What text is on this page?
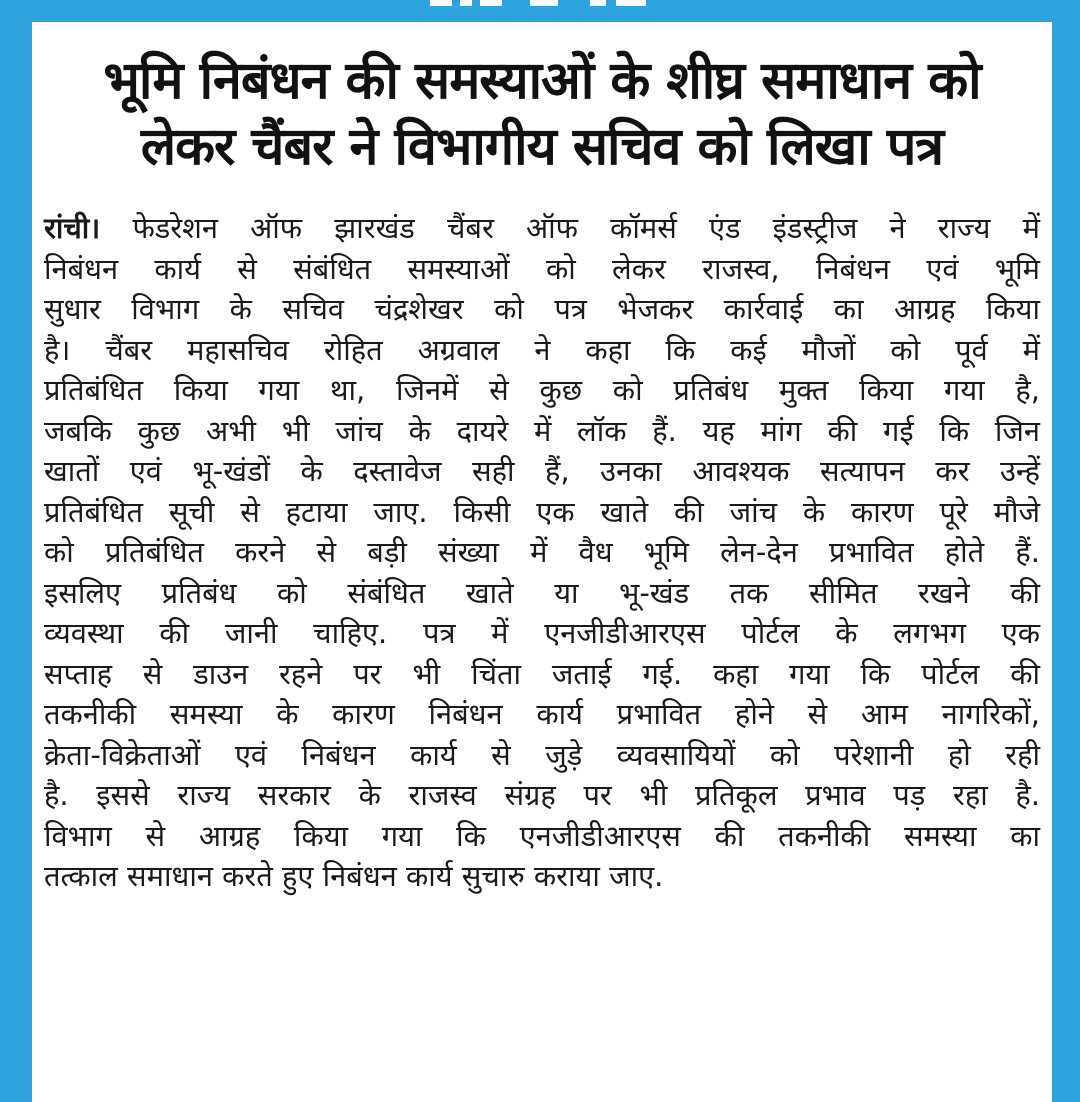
भूमि निबंधन की समस्याओं के शीघ्र समाधान को
लेकर चैंबर ने विभागीय सचिव को लिखा पत्र
रांची। फेडरेशन ऑफ झारखंड चैंबर ऑफ कॉमर्स एंड इंडस्ट्रीज ने राज्य में
निबंधन कार्य से संबंधित समस्याओं को लेकर राजस्व, निबंधन एवं भूमि
सुधार विभाग के सचिव चंद्रशेखर को पत्र भेजकर कार्रवाई का आग्रह किया
है। चैंबर महासचिव रोहित अग्रवाल ने कहा कि कई मौजों को पूर्व में
प्रतिबंधित किया गया था, जिनमें से कुछ को प्रतिबंध मुक्त किया गया है,
जबकि कुछ अभी भी जांच के दायरे में लॉक हैं. यह मांग की गई कि जिन
खातों एवं भू-खंडों के दस्तावेज सही हैं, उनका आवश्यक सत्यापन कर उन्हें
प्रतिबंधित सूची से हटाया जाए. किसी एक खाते की जांच के कारण पूरे मौजे
को प्रतिबंधित करने से बड़ी संख्या में वैध भूमि लेन-देन प्रभावित होते हैं.
इसलिए प्रतिबंध को संबंधित खाते या भू-खंड तक सीमित रखने की
व्यवस्था की जानी चाहिए. पत्र में एनजीडीआरएस पोर्टल के लगभग एक
सप्ताह से डाउन रहने पर भी चिंता जताई गई. कहा गया कि पोर्टल की
तकनीकी समस्या के कारण निबंधन कार्य प्रभावित होने से आम नागरिकों,
क्रेता-विक्रेताओं एवं निबंधन कार्य से जुड़े व्यवसायियों को परेशानी हो रही
है. इससे राज्य सरकार के राजस्व संग्रह पर भी प्रतिकूल प्रभाव पड़ रहा है.
विभाग से आग्रह किया गया कि एनजीडीआरएस की तकनीकी समस्या का
तत्काल समाधान करते हुए निबंधन कार्य सुचारु कराया जाए.
